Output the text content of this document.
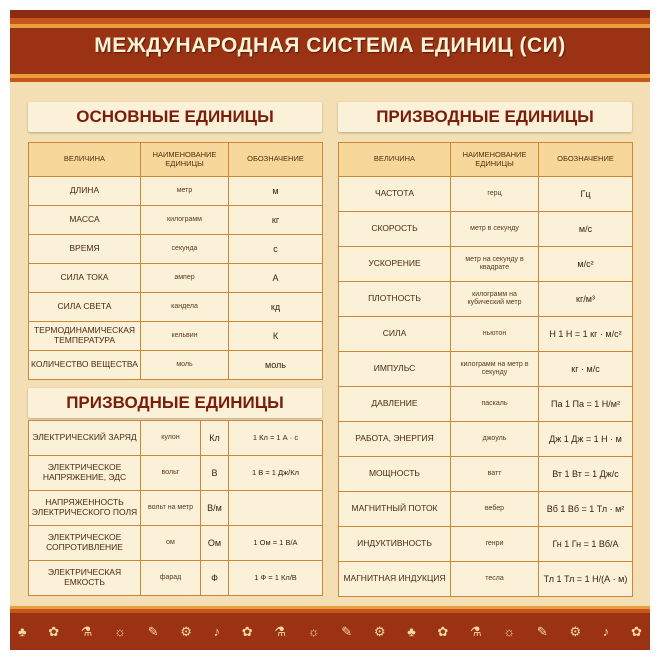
МЕЖДУНАРОДНАЯ СИСТЕМА ЕДИНИЦ (СИ)
ОСНОВНЫЕ ЕДИНИЦЫ	ПРИЗВОДНЫЕ ЕДИНИЦЫ
ВЕЛИЧИНА	НАИМЕНОВАНИЕ ЕДИНИЦЫ	ОБОЗНАЧЕНИЕ
ДЛИНА	метр	м
МАССА	килограмм	кг
ВРЕМЯ	секунда	с
СИЛА ТОКА	ампер	А
СИЛА СВЕТА	кандела	кд
ТЕРМОДИНАМИЧЕСКАЯ ТЕМПЕРАТУРА	кельвин	К
КОЛИЧЕСТВО ВЕЩЕСТВА	моль	моль
ПРИЗВОДНЫЕ ЕДИНИЦЫ
ЭЛЕКТРИЧЕСКИЙ ЗАРЯД	кулон	Кл	1 Кл = 1 А · с
ЭЛЕКТРИЧЕСКОЕ НАПРЯЖЕНИЕ, ЭДС	вольт	В	1 В = 1 Дж/Кл
НАПРЯЖЕННОСТЬ ЭЛЕКТРИЧЕСКОГО ПОЛЯ	вольт на метр	В/м	
ЭЛЕКТРИЧЕСКОЕ СОПРОТИВЛЕНИЕ	ом	Ом	1 Ом = 1 В/А
ЭЛЕКТРИЧЕСКАЯ ЕМКОСТЬ	фарад	Ф	1 Ф = 1 Кл/В
ВЕЛИЧИНА	НАИМЕНОВАНИЕ ЕДИНИЦЫ	ОБОЗНАЧЕНИЕ
ЧАСТОТА	герц	Гц
СКОРОСТЬ	метр в секунду	м/с
УСКОРЕНИЕ	метр на секунду в квадрате	м/с²
ПЛОТНОСТЬ	килограмм на кубический метр	кг/м³
СИЛА	ньютон	Н 1 Н = 1 кг · м/с²
ИМПУЛЬС	килограмм на метр в секунду	кг · м/с
ДАВЛЕНИЕ	паскаль	Па 1 Па = 1 Н/м²
РАБОТА, ЭНЕРГИЯ	джоуль	Дж 1 Дж = 1 Н · м
МОЩНОСТЬ	ватт	Вт 1 Вт = 1 Дж/с
МАГНИТНЫЙ ПОТОК	вебер	Вб 1 Вб = 1 Тл · м²
ИНДУКТИВНОСТЬ	генри	Гн 1 Гн = 1 Вб/А
МАГНИТНАЯ ИНДУКЦИЯ	тесла	Тл 1 Тл = 1 Н/(А · м)
♣ ✿ ⚗ ☼ ✎ ⚙ ♪ ✿ ⚗ ☼ ✎ ⚙ ♣ ✿ ⚗ ☼ ✎ ⚙ ♪ ✿
